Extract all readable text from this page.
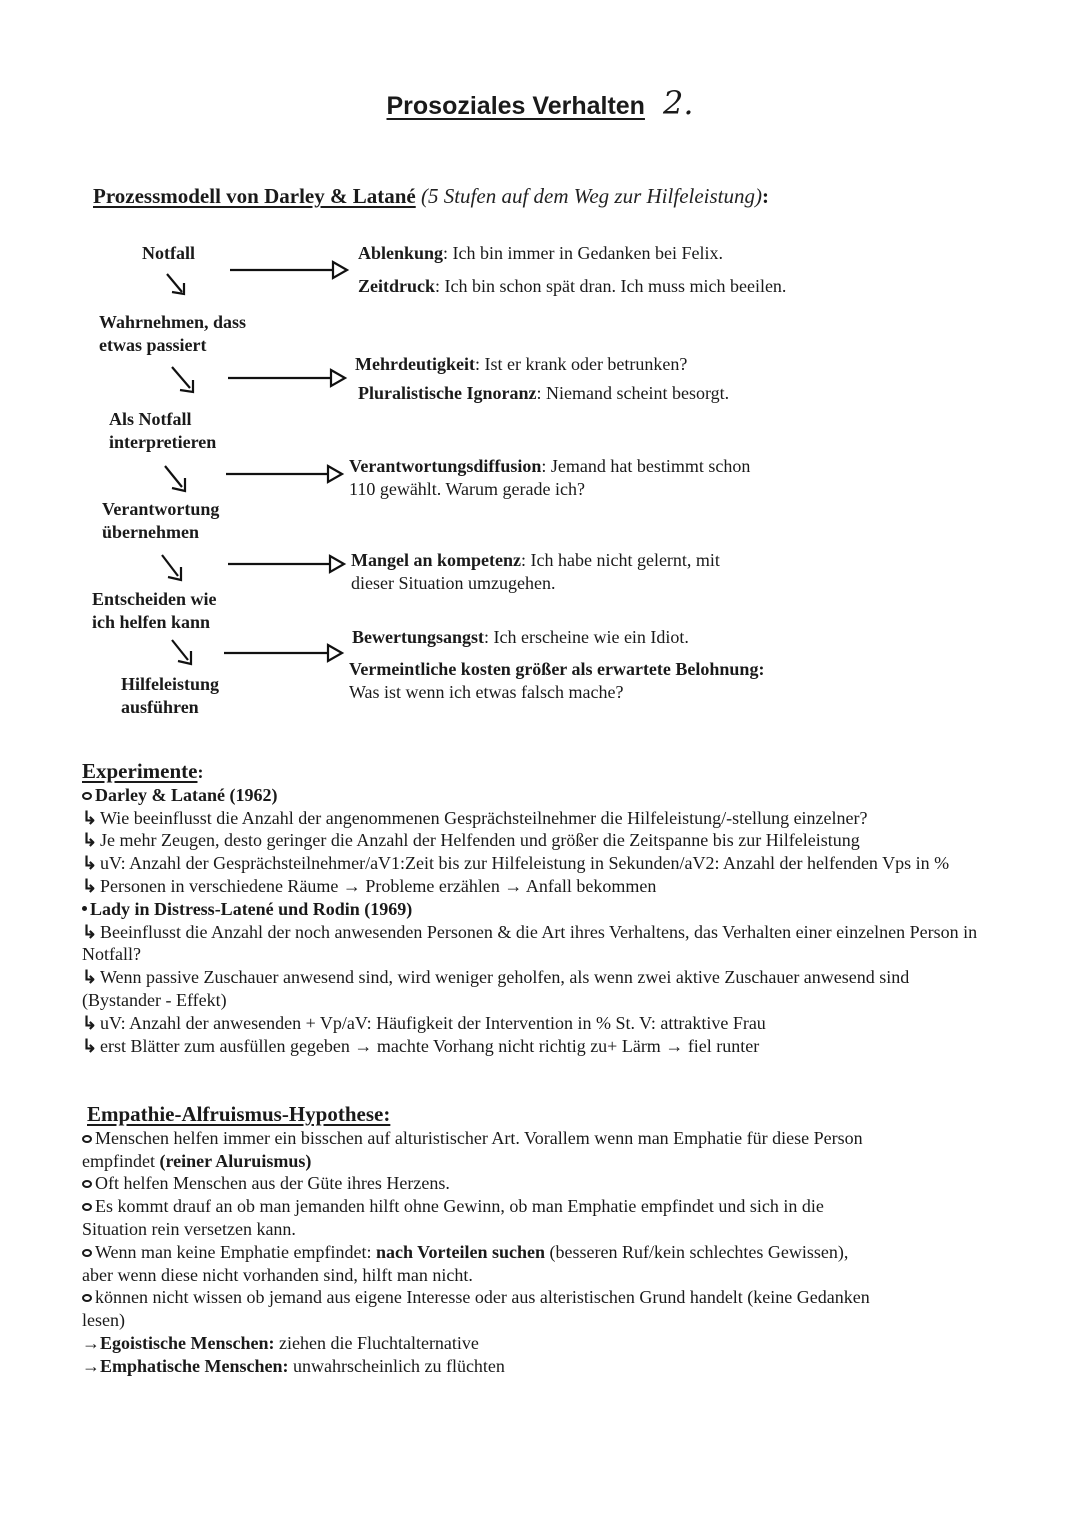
Prosoziales Verhalten 2.
Prozessmodell von Darley & Latané (5 Stufen auf dem Weg zur Hilfeleistung):
Notfall
Wahrnehmen, dass
etwas passiert
Als Notfall
interpretieren
Verantwortung
übernehmen
Entscheiden wie
ich helfen kann
Hilfeleistung
ausführen
Ablenkung: Ich bin immer in Gedanken bei Felix.
Zeitdruck: Ich bin schon spät dran. Ich muss mich beeilen.
Mehrdeutigkeit: Ist er krank oder betrunken?
Pluralistische Ignoranz: Niemand scheint besorgt.
Verantwortungsdiffusion: Jemand hat bestimmt schon
110 gewählt. Warum gerade ich?
Mangel an kompetenz: Ich habe nicht gelernt, mit
dieser Situation umzugehen.
Bewertungsangst: Ich erscheine wie ein Idiot.
Vermeintliche kosten größer als erwartete Belohnung:
Was ist wenn ich etwas falsch mache?

Experimente:

Darley & Latané (1962)

↳ Wie beeinflusst die Anzahl der angenommenen Gesprächsteilnehmer die Hilfeleistung/-stellung einzelner?

↳ Je mehr Zeugen, desto geringer die Anzahl der Helfenden und größer die Zeitspanne bis zur Hilfeleistung

↳ uV: Anzahl der Gesprächsteilnehmer/aV1:Zeit bis zur Hilfeleistung in Sekunden/aV2: Anzahl der helfenden Vps in %

↳ Personen in verschiedene Räume → Probleme erzählen → Anfall bekommen

Lady in Distress-Latené und Rodin (1969)

↳ Beeinflusst die Anzahl der noch anwesenden Personen & die Art ihres Verhaltens, das Verhalten einer einzelnen Person in Notfall?

↳ Wenn passive Zuschauer anwesend sind, wird weniger geholfen, als wenn zwei aktive Zuschauer anwesend sind (Bystander - Effekt)

↳ uV: Anzahl der anwesenden + Vp/aV: Häufigkeit der Intervention in % St. V: attraktive Frau

↳ erst Blätter zum ausfüllen gegeben → machte Vorhang nicht richtig zu+ Lärm → fiel runter

Empathie-Alfruismus-Hypothese:

Menschen helfen immer ein bisschen auf alturistischer Art. Vorallem wenn man Emphatie für diese Person empfindet (reiner Aluruismus)

Oft helfen Menschen aus der Güte ihres Herzens.

Es kommt drauf an ob man jemanden hilft ohne Gewinn, ob man Emphatie empfindet und sich in die Situation rein versetzen kann.

Wenn man keine Emphatie empfindet: nach Vorteilen suchen (besseren Ruf/kein schlechtes Gewissen), aber wenn diese nicht vorhanden sind, hilft man nicht.

können nicht wissen ob jemand aus eigene Interesse oder aus alteristischen Grund handelt (keine Gedanken lesen)

→Egoistische Menschen: ziehen die Fluchtalternative

→Emphatische Menschen: unwahrscheinlich zu flüchten
